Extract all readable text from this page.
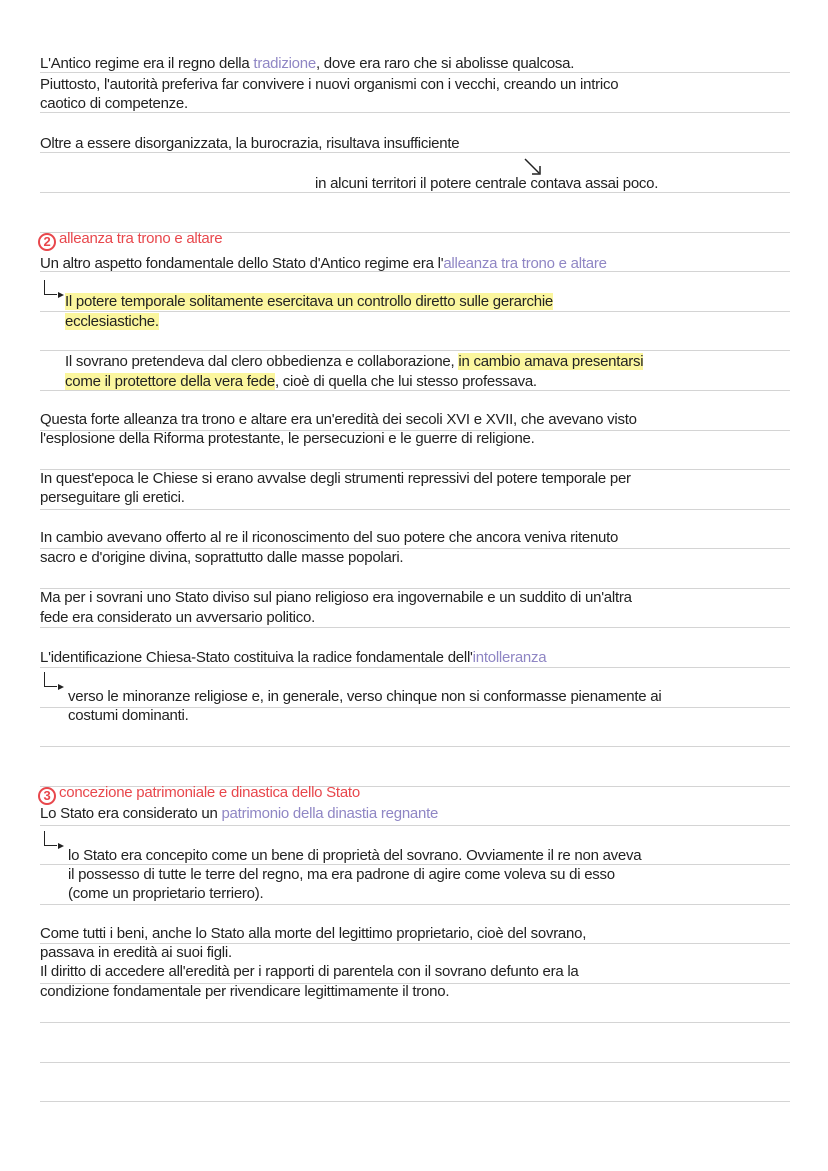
L'Antico regime era il regno della tradizione, dove era raro che si abolisse qualcosa.
Piuttosto, l'autorità preferiva far convivere i nuovi organismi con i vecchi, creando un intrico
caotico di competenze.
Oltre a essere disorganizzata, la burocrazia, risultava insufficiente
in alcuni territori il potere centrale contava assai poco.
2 alleanza tra trono e altare
Un altro aspetto fondamentale dello Stato d'Antico regime era l'alleanza tra trono e altare
Il potere temporale solitamente esercitava un controllo diretto sulle gerarchie
ecclesiastiche.
Il sovrano pretendeva dal clero obbedienza e collaborazione, in cambio amava presentarsi
come il protettore della vera fede, cioè di quella che lui stesso professava.
Questa forte alleanza tra trono e altare era un'eredità dei secoli XVI e XVII, che avevano visto
l'esplosione della Riforma protestante, le persecuzioni e le guerre di religione.
In quest'epoca le Chiese si erano avvalse degli strumenti repressivi del potere temporale per
perseguitare gli eretici.
In cambio avevano offerto al re il riconoscimento del suo potere che ancora veniva ritenuto
sacro e d'origine divina, soprattutto dalle masse popolari.
Ma per i sovrani uno Stato diviso sul piano religioso era ingovernabile e un suddito di un'altra
fede era considerato un avversario politico.
L'identificazione Chiesa-Stato costituiva la radice fondamentale dell'intolleranza
verso le minoranze religiose e, in generale, verso chinque non si conformasse pienamente ai
costumi dominanti.
3 concezione patrimoniale e dinastica dello Stato
Lo Stato era considerato un patrimonio della dinastia regnante
lo Stato era concepito come un bene di proprietà del sovrano. Ovviamente il re non aveva
il possesso di tutte le terre del regno, ma era padrone di agire come voleva su di esso
(come un proprietario terriero).
Come tutti i beni, anche lo Stato alla morte del legittimo proprietario, cioè del sovrano,
passava in eredità ai suoi figli.
Il diritto di accedere all'eredità per i rapporti di parentela con il sovrano defunto era la
condizione fondamentale per rivendicare legittimamente il trono.
